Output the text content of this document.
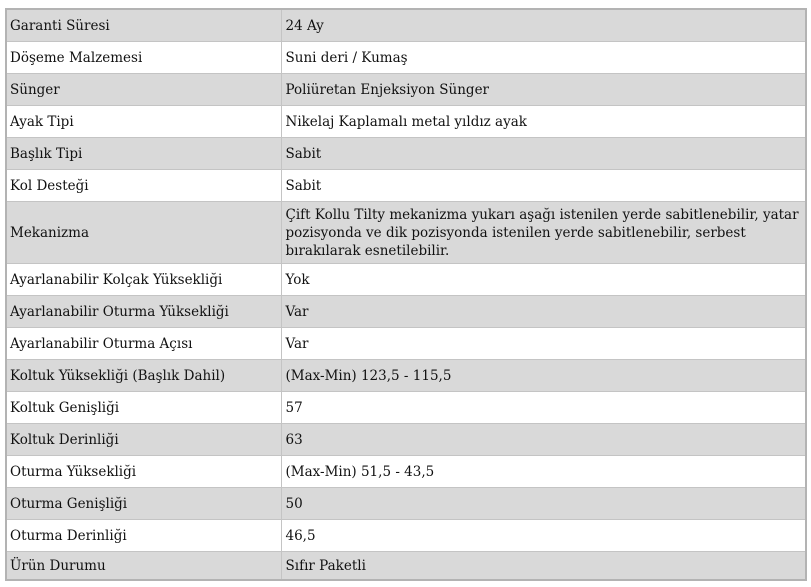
Garanti Süresi	24 Ay
Döşeme Malzemesi	Suni deri / Kumaş
Sünger	Poliüretan Enjeksiyon Sünger
Ayak Tipi	Nikelaj Kaplamalı metal yıldız ayak
Başlık Tipi	Sabit
Kol Desteği	Sabit
Mekanizma	Çift Kollu Tilty mekanizma yukarı aşağı istenilen yerde sabitlenebilir, yatar pozisyonda ve dik pozisyonda istenilen yerde sabitlenebilir, serbest bırakılarak esnetilebilir.
Ayarlanabilir Kolçak Yüksekliği	Yok
Ayarlanabilir Oturma Yüksekliği	Var
Ayarlanabilir Oturma Açısı	Var
Koltuk Yüksekliği (Başlık Dahil)	(Max-Min) 123,5 - 115,5
Koltuk Genişliği	57
Koltuk Derinliği	63
Oturma Yüksekliği	(Max-Min) 51,5 - 43,5
Oturma Genişliği	50
Oturma Derinliği	46,5
Ürün Durumu	Sıfır Paketli
